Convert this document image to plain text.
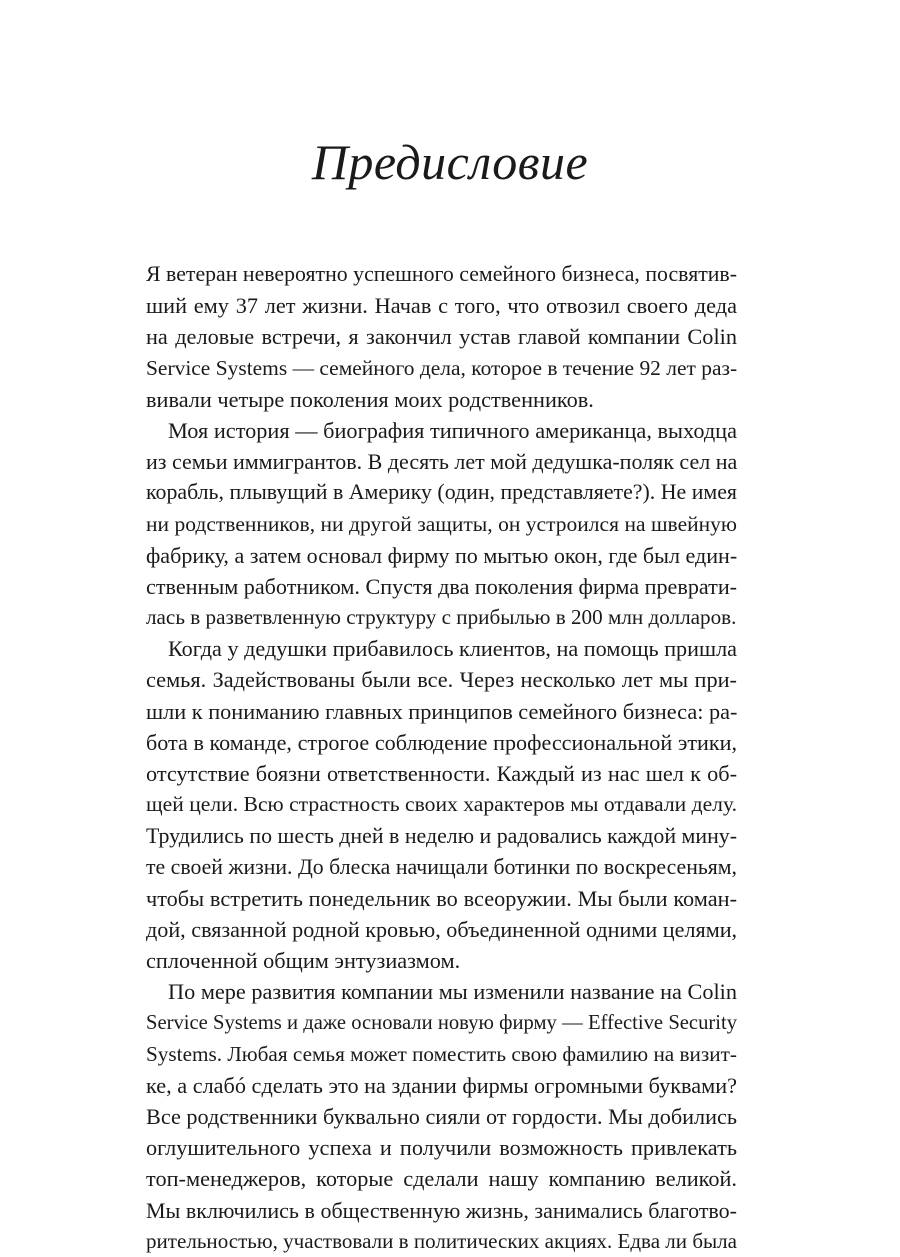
Предисловие
Я ветеран невероятно успешного семейного бизнеса, посвятив-
ший ему 37 лет жизни. Начав с того, что отвозил своего деда
на деловые встречи, я закончил устав главой компании Colin
Service Systems — семейного дела, которое в течение 92 лет раз-
вивали четыре поколения моих родственников.
Моя история — биография типичного американца, выходца
из семьи иммигрантов. В десять лет мой дедушка-поляк сел на
корабль, плывущий в Америку (один, представляете?). Не имея
ни родственников, ни другой защиты, он устроился на швейную
фабрику, а затем основал фирму по мытью окон, где был един-
ственным работником. Спустя два поколения фирма преврати-
лась в разветвленную структуру с прибылью в 200 млн долларов.
Когда у дедушки прибавилось клиентов, на помощь пришла
семья. Задействованы были все. Через несколько лет мы при-
шли к пониманию главных принципов семейного бизнеса: ра-
бота в команде, строгое соблюдение профессиональной этики,
отсутствие боязни ответственности. Каждый из нас шел к об-
щей цели. Всю страстность своих характеров мы отдавали делу.
Трудились по шесть дней в неделю и радовались каждой мину-
те своей жизни. До блеска начищали ботинки по воскресеньям,
чтобы встретить понедельник во всеоружии. Мы были коман-
дой, связанной родной кровью, объединенной одними целями,
сплоченной общим энтузиазмом.
По мере развития компании мы изменили название на Colin
Service Systems и даже основали новую фирму — Effective Security
Systems. Любая семья может поместить свою фамилию на визит-
ке, а слабó сделать это на здании фирмы огромными буквами?
Все родственники буквально сияли от гордости. Мы добились
оглушительного успеха и получили возможность привлекать
топ-менеджеров, которые сделали нашу компанию великой.
Мы включились в общественную жизнь, занимались благотво-
рительностью, участвовали в политических акциях. Едва ли была
